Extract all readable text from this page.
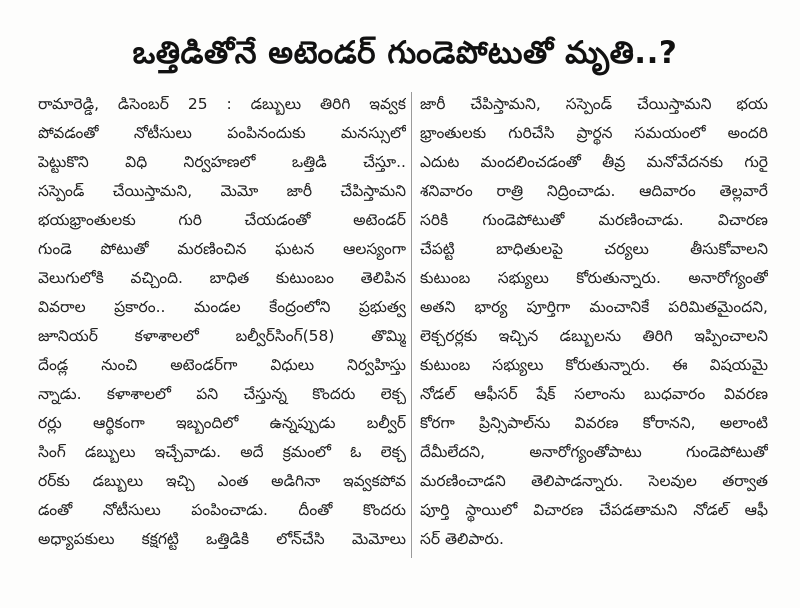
ఒత్తిడితోనే అటెండర్ గుండెపోటుతో మృతి..?
రామారెడ్డి, డిసెంబర్ 25 : డబ్బులు తిరిగి ఇవ్వక
పోవడంతో నోటీసులు పంపినందుకు మనస్సులో
పెట్టుకొని విధి నిర్వహణలో ఒత్తిడి చేస్తూ..
సస్పెండ్ చేయిస్తామని, మెమో జారీ చేపిస్తామని
భయభ్రాంతులకు గురి చేయడంతో అటెండర్
గుండె పోటుతో మరణించిన ఘటన ఆలస్యంగా
వెలుగులోకి వచ్చింది. బాధిత కుటుంబం తెలిపిన
వివరాల ప్రకారం.. మండల కేంద్రంలోని ప్రభుత్వ
జూనియర్ కళాశాలలో బల్వీర్‌సింగ్(58) తొమ్మి
దేండ్ల నుంచి అటెండర్‌గా విధులు నిర్వహిస్తు
న్నాడు. కళాశాలలో పని చేస్తున్న కొందరు లెక్చ
రర్లు ఆర్థికంగా ఇబ్బందిలో ఉన్నప్పుడు బల్వీర్
సింగ్ డబ్బులు ఇచ్చేవాడు. అదే క్రమంలో ఓ లెక్చ
రర్‌కు డబ్బులు ఇచ్చి ఎంత అడిగినా ఇవ్వకపోవ
డంతో నోటీసులు పంపించాడు. దీంతో కొందరు
అధ్యాపకులు కక్షగట్టి ఒత్తిడికి లోన్‌చేసి మెమోలు
జారీ చేపిస్తామని, సస్పెండ్ చేయిస్తామని భయ
భ్రాంతులకు గురిచేసి ప్రార్థన సమయంలో అందరి
ఎదుట మందలించడంతో తీవ్ర మనోవేదనకు గురై
శనివారం రాత్రి నిద్రించాడు. ఆదివారం తెల్లవారే
సరికి గుండెపోటుతో మరణించాడు. విచారణ
చేపట్టి బాధితులపై చర్యలు తీసుకోవాలని
కుటుంబ సభ్యులు కోరుతున్నారు. అనారోగ్యంతో
అతని భార్య పూర్తిగా మంచానికే పరిమితమైందని,
లెక్చరర్లకు ఇచ్చిన డబ్బులను తిరిగి ఇప్పించాలని
కుటుంబ సభ్యులు కోరుతున్నారు. ఈ విషయమై
నోడల్ ఆఫీసర్ షేక్ సలాంను బుధవారం వివరణ
కోరగా ప్రిన్సిపాల్‌ను వివరణ కోరానని, అలాంటి
దేమీలేదని, అనారోగ్యంతోపాటు గుండెపోటుతో
మరణించాడని తెలిపాడన్నారు. సెలవుల తర్వాత
పూర్తి స్థాయిలో విచారణ చేపడతామని నోడల్ ఆఫీ
సర్ తెలిపారు.
